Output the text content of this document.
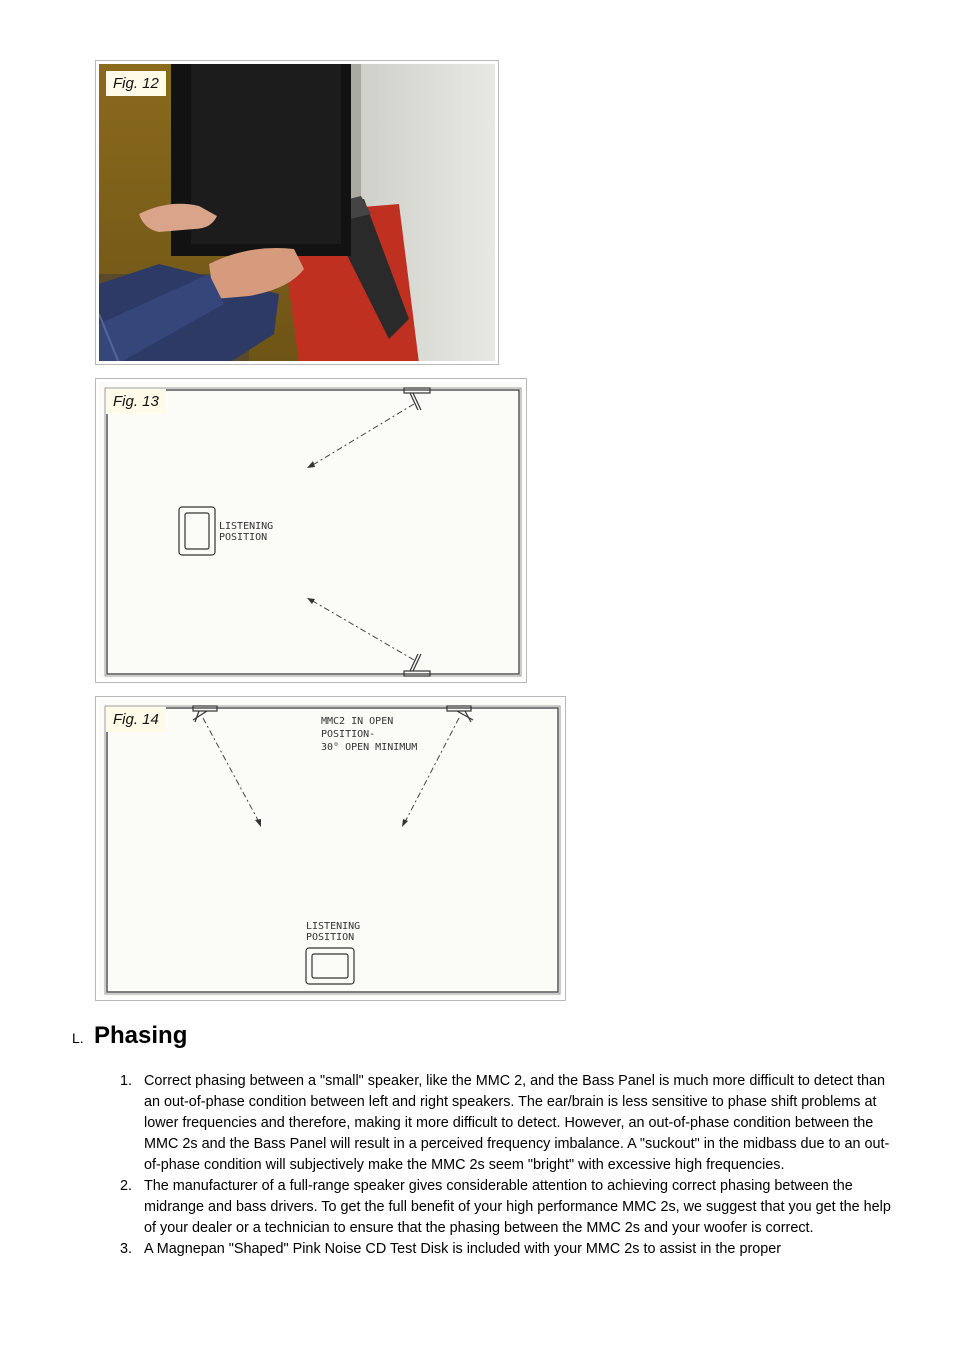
Fig. 12
LISTENING
POSITION
Fig. 13
MMC2 IN OPEN
POSITION-
30° OPEN MINIMUM
LISTENING
POSITION
Fig. 14
L. Phasing
1. Correct phasing between a "small" speaker, like the MMC 2, and the Bass Panel is much more difficult to detect than an out-of-phase condition between left and right speakers. The ear/brain is less sensitive to phase shift problems at lower frequencies and therefore, making it more difficult to detect. However, an out-of-phase condition between the MMC 2s and the Bass Panel will result in a perceived frequency imbalance. A "suckout" in the midbass due to an out-of-phase condition will subjectively make the MMC 2s seem "bright" with excessive high frequencies.
2. The manufacturer of a full-range speaker gives considerable attention to achieving correct phasing between the midrange and bass drivers. To get the full benefit of your high performance MMC 2s, we suggest that you get the help of your dealer or a technician to ensure that the phasing between the MMC 2s and your woofer is correct.
3. A Magnepan "Shaped" Pink Noise CD Test Disk is included with your MMC 2s to assist in the proper
